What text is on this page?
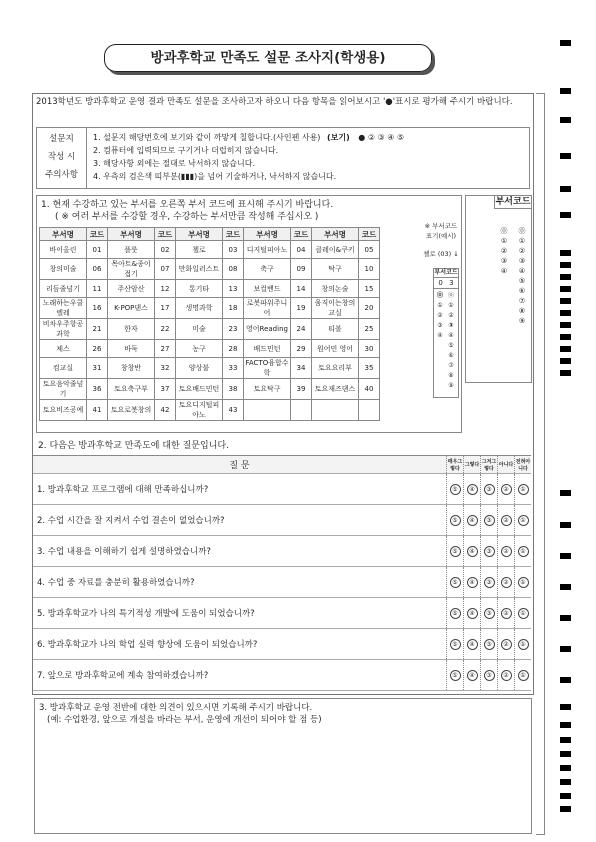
방과후학교 만족도 설문 조사지(학생용)
2013학년도 방과후학교 운영 결과 만족도 설문을 조사하고자 하오니 다음 항목을 읽어보시고 '●'표시로 평가해 주시기 바랍니다.
설문지
작성 시
주의사항
1. 설문지 해당번호에 보기와 같이 까맣게 칠합니다.(사인펜 사용) (보기) ● ② ③ ④ ⑤
2. 컴퓨터에 입력되므로 구기거나 더럽히지 않습니다.
3. 해당사항 외에는 절대로 낙서하지 않습니다.
4. 우측의 검은색 띠부분(▮▮▮)을 넘어 기술하거나, 낙서하지 않습니다.
1. 현재 수강하고 있는 부서를 오른쪽 부서 코드에 표시해 주시기 바랍니다.
( ※ 여러 부서를 수강할 경우, 수강하는 부서만큼 작성해 주십시오 )
부서명	코드	부서명	코드	부서명	코드	부서명	코드	부서명	코드
바이올린	01	플룻	02	첼로	03	디지털피아노	04	클레이&쿠키	05
창의미술	06	목아트&종이접기	07	만화일러스트	08	축구	09	탁구	10
리듬줄넘기	11	주산암산	12	통기타	13	보컬밴드	14	창의논술	15
노래하는우쿨렐레	16	K-POP댄스	17	생명과학	18	로봇파워주니어	19	움직이는창의교실	20
비차우주항공과학	21	한자	22	미술	23	영어Reading	24	티볼	25
체스	26	바둑	27	농구	28	배드민턴	29	원어민 영어	30
컴교실	31	창창반	32	양상불	33	FACTO융합수학	34	토요요리부	35
토요음악줄넘기	36	토요축구부	37	토요배드민턴	38	토요탁구	39	토요재즈댄스	40
토요비즈공예	41	토요로봇창의	42	토요디지털피아노	43				
※ 부서코드
표기(예시)
첼로 (03) ↓
부서코드
0 3
⓪
①
②
③
④
⓪
①
②
③
④
⑤
⑥
⑦
⑧
⑨
부서코드
⓪
①
②
③
④
⓪
①
②
③
④
⑤
⑥
⑦
⑧
⑨
2. 다음은 방과후학교 만족도에 대한 질문입니다.
질 문	매우그렇다	그렇다	그저그렇다	아니다	전혀아니다
1. 방과후학교 프로그램에 대해 만족하십니까?	⑤	④	③	②	①
2. 수업 시간을 잘 지켜서 수업 결손이 없었습니까?	⑤	④	③	②	①
3. 수업 내용을 이해하기 쉽게 설명하였습니까?	⑤	④	③	②	①
4. 수업 중 자료를 충분히 활용하였습니까?	⑤	④	③	②	①
5. 방과후학교가 나의 특기적성 개발에 도움이 되었습니까?	⑤	④	③	②	①
6. 방과후학교가 나의 학업 실력 향상에 도움이 되었습니까?	⑤	④	③	②	①
7. 앞으로 방과후학교에 계속 참여하겠습니까?	⑤	④	③	②	①
3. 방과후학교 운영 전반에 대한 의견이 있으시면 기록해 주시기 바랍니다.
(예: 수업환경, 앞으로 개설을 바라는 부서, 운영에 개선이 되어야 할 점 등)
